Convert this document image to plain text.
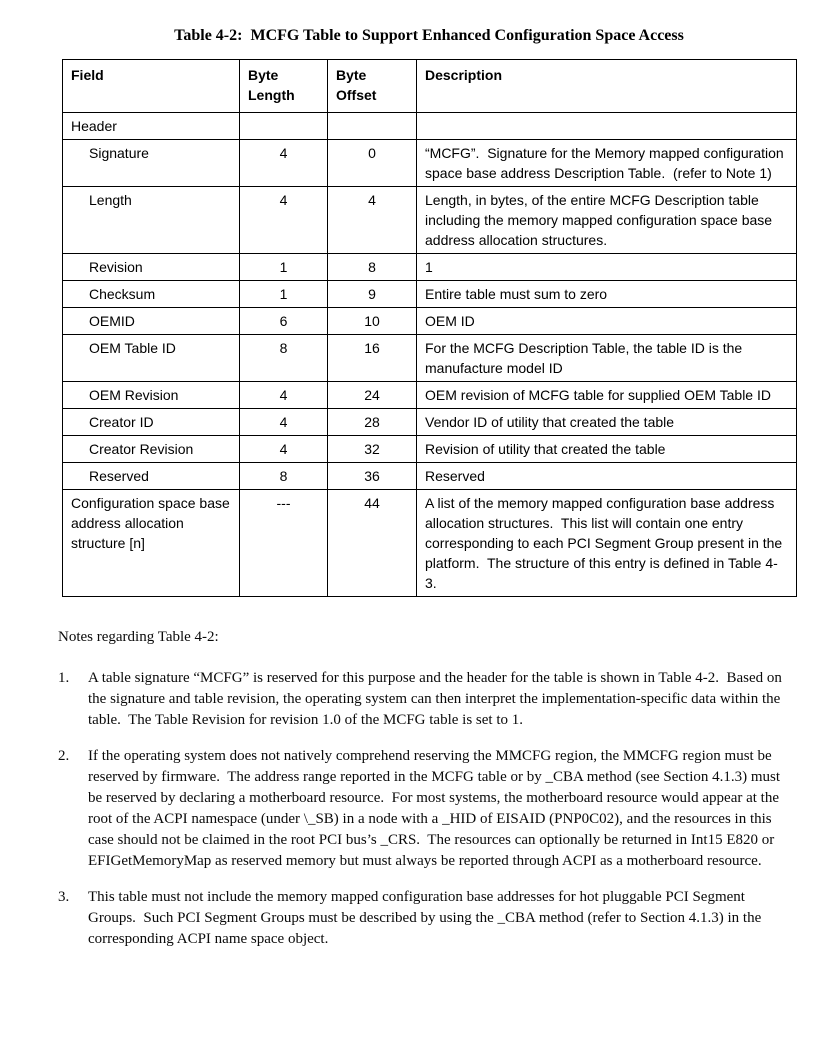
Table 4-2:  MCFG Table to Support Enhanced Configuration Space Access
Field	Byte Length	Byte Offset	Description
Header			
Signature	4	0	“MCFG”.  Signature for the Memory mapped configuration space base address Description Table.  (refer to Note 1)
Length	4	4	Length, in bytes, of the entire MCFG Description table including the memory mapped configuration space base address allocation structures.
Revision	1	8	1
Checksum	1	9	Entire table must sum to zero
OEMID	6	10	OEM ID
OEM Table ID	8	16	For the MCFG Description Table, the table ID is the manufacture model ID
OEM Revision	4	24	OEM revision of MCFG table for supplied OEM Table ID
Creator ID	4	28	Vendor ID of utility that created the table
Creator Revision	4	32	Revision of utility that created the table
Reserved	8	36	Reserved
Configuration space base address allocation structure [n]	---	44	A list of the memory mapped configuration base address allocation structures.  This list will contain one entry corresponding to each PCI Segment Group present in the platform.  The structure of this entry is defined in Table 4-3.
Notes regarding Table 4-2:
1.	A table signature “MCFG” is reserved for this purpose and the header for the table is shown in Table 4-2.  Based on the signature and table revision, the operating system can then interpret the implementation-specific data within the table.  The Table Revision for revision 1.0 of the MCFG table is set to 1.
2.	If the operating system does not natively comprehend reserving the MMCFG region, the MMCFG region must be reserved by firmware.  The address range reported in the MCFG table or by _CBA method (see Section 4.1.3) must be reserved by declaring a motherboard resource.  For most systems, the motherboard resource would appear at the root of the ACPI namespace (under \_SB) in a node with a _HID of EISAID (PNP0C02), and the resources in this case should not be claimed in the root PCI bus’s _CRS.  The resources can optionally be returned in Int15 E820 or EFIGetMemoryMap as reserved memory but must always be reported through ACPI as a motherboard resource.
3.	This table must not include the memory mapped configuration base addresses for hot pluggable PCI Segment Groups.  Such PCI Segment Groups must be described by using the _CBA method (refer to Section 4.1.3) in the corresponding ACPI name space object.
